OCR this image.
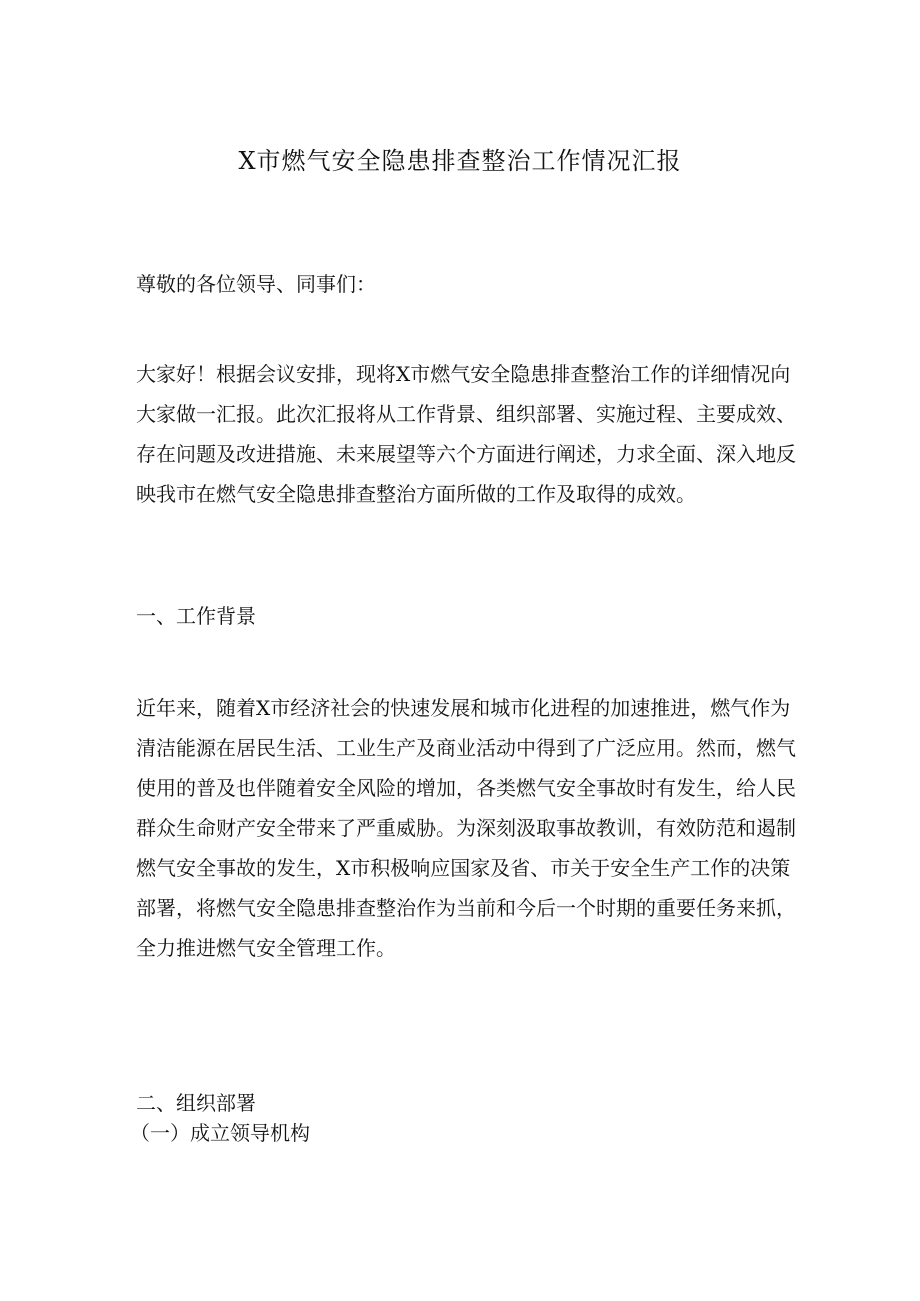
X市燃气安全隐患排查整治工作情况汇报

尊敬的各位领导、同事们：

大家好！根据会议安排，现将X市燃气安全隐患排查整治工作的详细情况向
大家做一汇报。此次汇报将从工作背景、组织部署、实施过程、主要成效、
存在问题及改进措施、未来展望等六个方面进行阐述，力求全面、深入地反
映我市在燃气安全隐患排查整治方面所做的工作及取得的成效。

一、工作背景

近年来，随着X市经济社会的快速发展和城市化进程的加速推进，燃气作为
清洁能源在居民生活、工业生产及商业活动中得到了广泛应用。然而，燃气
使用的普及也伴随着安全风险的增加，各类燃气安全事故时有发生，给人民
群众生命财产安全带来了严重威胁。为深刻汲取事故教训，有效防范和遏制
燃气安全事故的发生，X市积极响应国家及省、市关于安全生产工作的决策
部署，将燃气安全隐患排查整治作为当前和今后一个时期的重要任务来抓，
全力推进燃气安全管理工作。

二、组织部署

（一）成立领导机构
